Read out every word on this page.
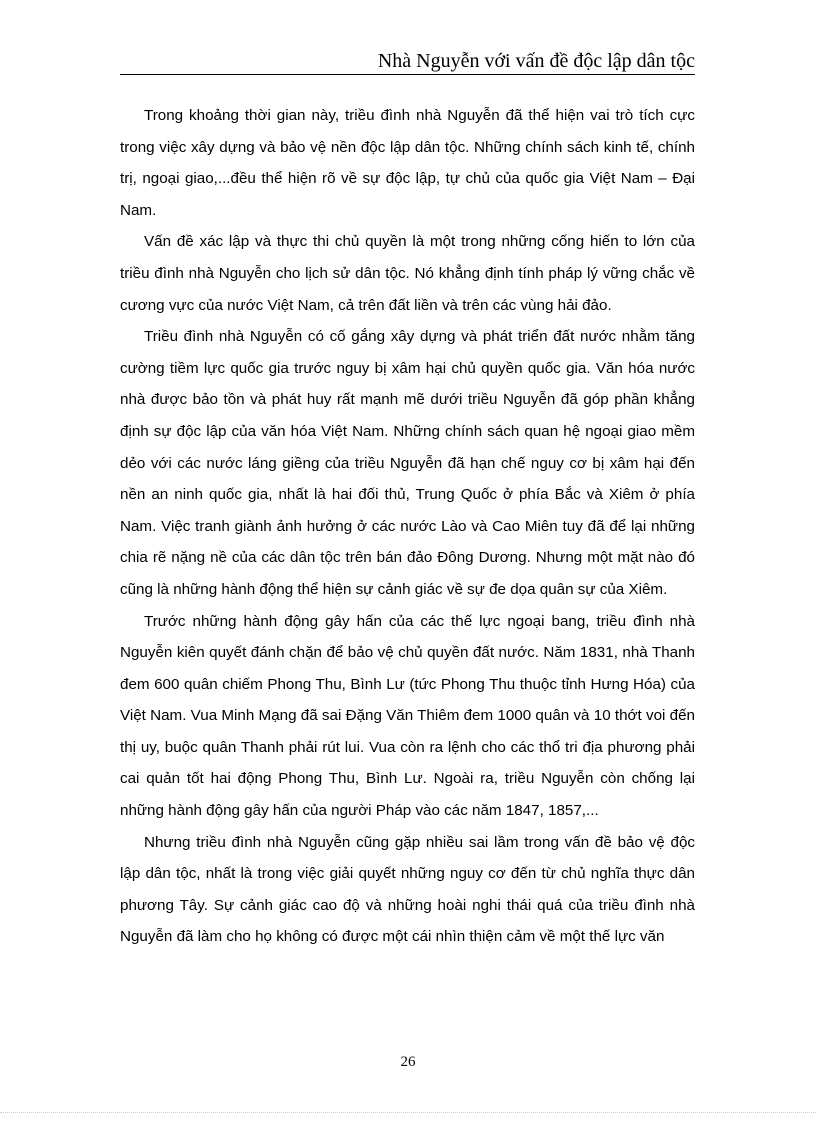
Nhà Nguyễn với vấn đề độc lập dân tộc

Trong khoảng thời gian này, triều đình nhà Nguyễn đã thể hiện vai trò tích cực trong việc xây dựng và bảo vệ nền độc lập dân tộc. Những chính sách kinh tế, chính trị, ngoại giao,...đều thể hiện rõ về sự độc lập, tự chủ của quốc gia Việt Nam – Đại Nam.

Vấn đề xác lập và thực thi chủ quyền là một trong những cống hiến to lớn của triều đình nhà Nguyễn cho lịch sử dân tộc. Nó khẳng định tính pháp lý vững chắc về cương vực của nước Việt Nam, cả trên đất liền và trên các vùng hải đảo.

Triều đình nhà Nguyễn có cố gắng xây dựng và phát triển đất nước nhằm tăng cường tiềm lực quốc gia trước nguy bị xâm hại chủ quyền quốc gia. Văn hóa nước nhà được bảo tồn và phát huy rất mạnh mẽ dưới triều Nguyễn đã góp phần khẳng định sự độc lập của văn hóa Việt Nam. Những chính sách quan hệ ngoại giao mềm dẻo với các nước láng giềng của triều Nguyễn đã hạn chế nguy cơ bị xâm hại đến nền an ninh quốc gia, nhất là hai đối thủ, Trung Quốc ở phía Bắc và Xiêm ở phía Nam. Việc tranh giành ảnh hưởng ở các nước Lào và Cao Miên tuy đã để lại những chia rẽ nặng nề của các dân tộc trên bán đảo Đông Dương. Nhưng một mặt nào đó cũng là những hành động thể hiện sự cảnh giác về sự đe dọa quân sự của Xiêm.

Trước những hành động gây hấn của các thế lực ngoại bang, triều đình nhà Nguyễn kiên quyết đánh chặn để bảo vệ chủ quyền đất nước. Năm 1831, nhà Thanh đem 600 quân chiếm Phong Thu, Bình Lư (tức Phong Thu thuộc tỉnh Hưng Hóa) của Việt Nam. Vua Minh Mạng đã sai Đặng Văn Thiêm đem 1000 quân và 10 thớt voi đến thị uy, buộc quân Thanh phải rút lui. Vua còn ra lệnh cho các thổ tri địa phương phải cai quản tốt hai động Phong Thu, Bình Lư. Ngoài ra, triều Nguyễn còn chống lại những hành động gây hấn của người Pháp vào các năm 1847, 1857,...

Nhưng triều đình nhà Nguyễn cũng gặp nhiều sai lầm trong vấn đề bảo vệ độc lập dân tộc, nhất là trong việc giải quyết những nguy cơ đến từ chủ nghĩa thực dân phương Tây. Sự cảnh giác cao độ và những hoài nghi thái quá của triều đình nhà Nguyễn đã làm cho họ không có được một cái nhìn thiện cảm về một thế lực văn

26
